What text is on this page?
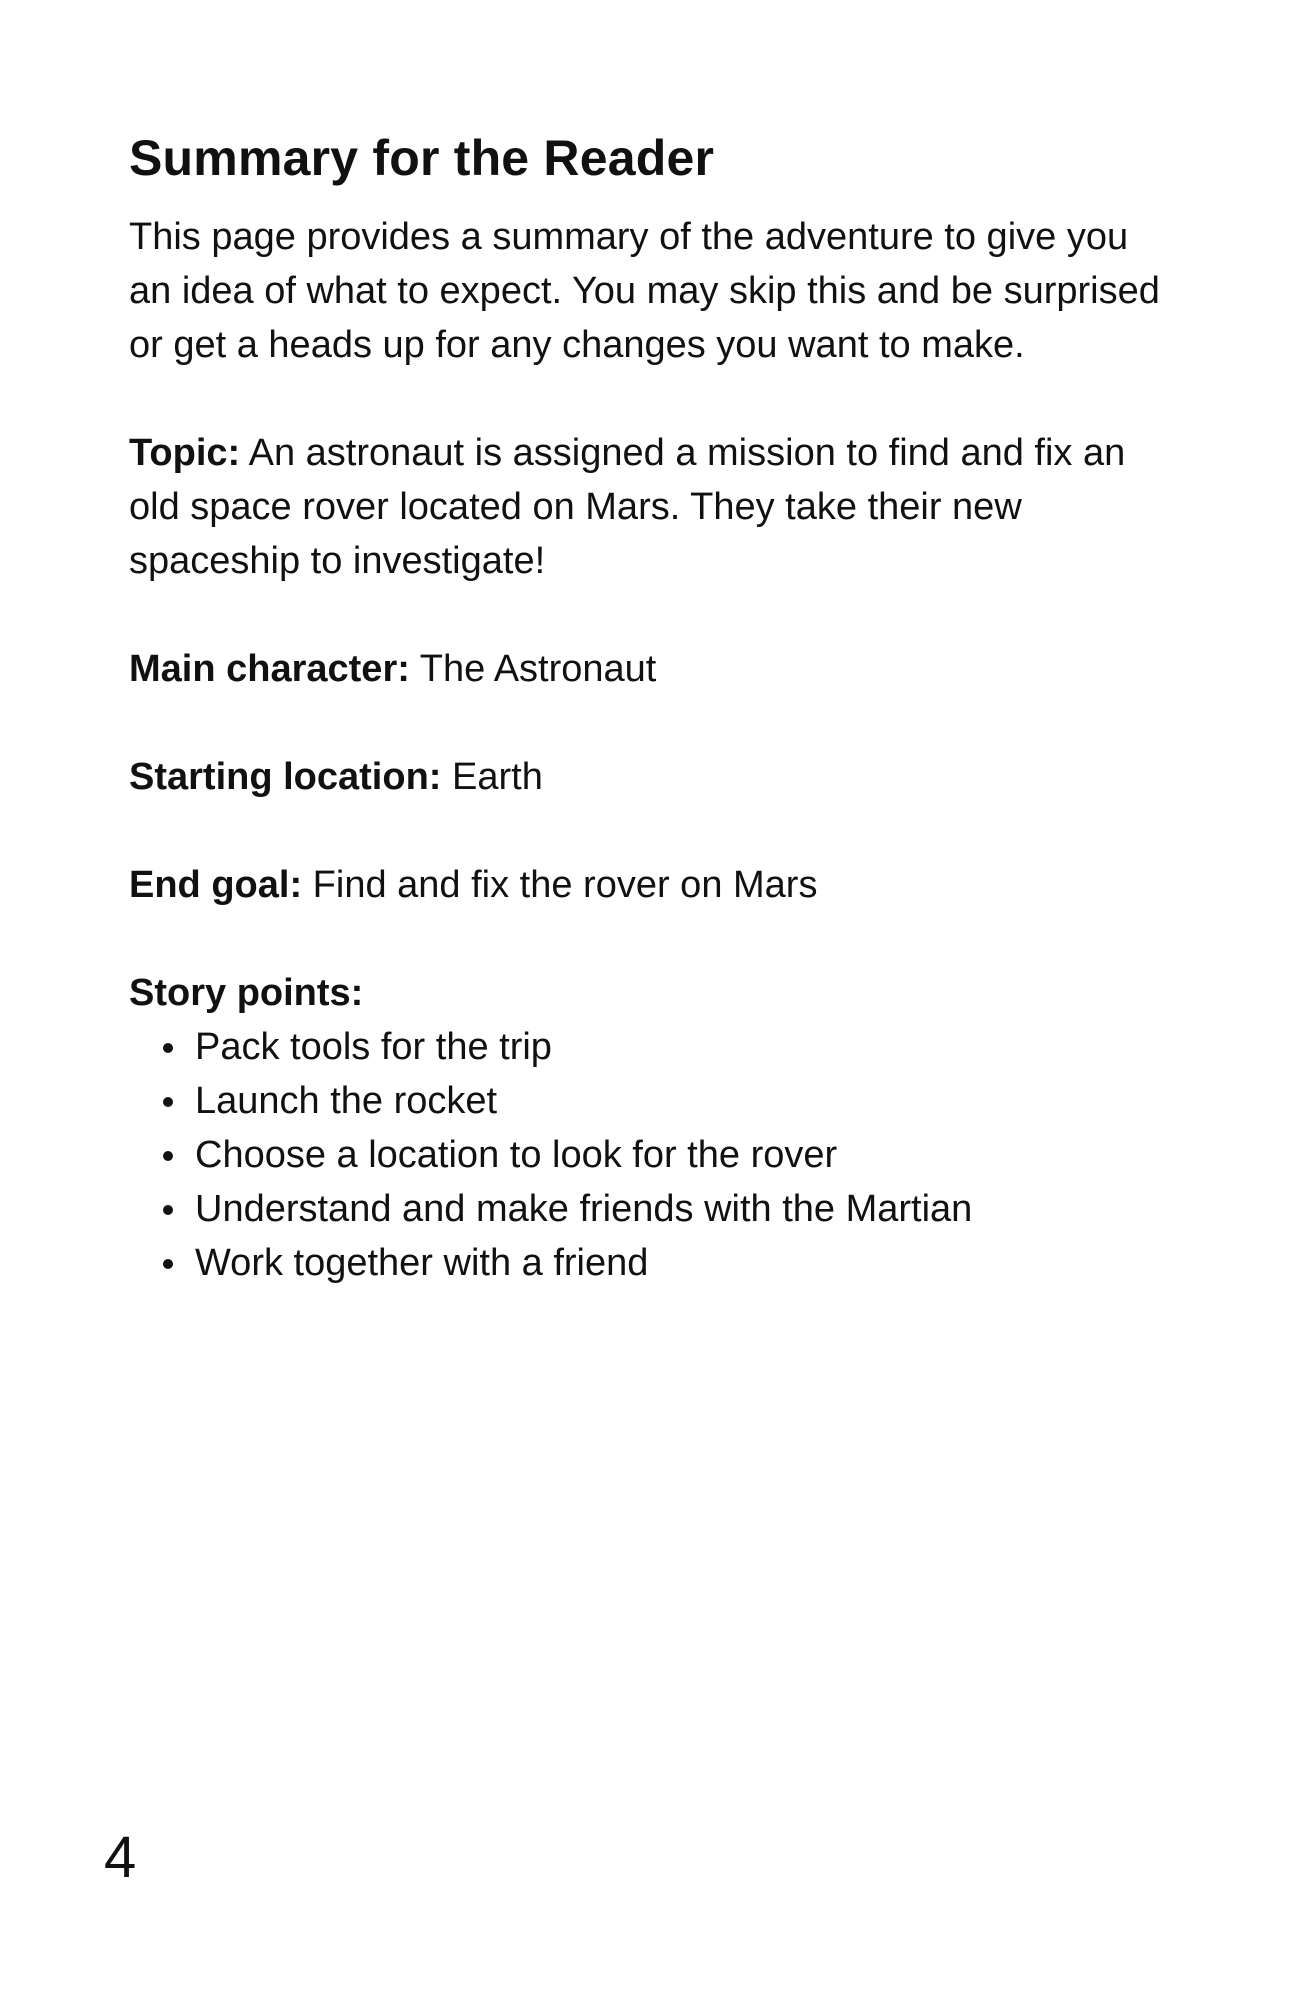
Summary for the Reader

This page provides a summary of the adventure to give you an idea of what to expect. You may skip this and be surprised or get a heads up for any changes you want to make.

Topic: An astronaut is assigned a mission to find and fix an old space rover located on Mars. They take their new spaceship to investigate!

Main character: The Astronaut

Starting location: Earth

End goal: Find and fix the rover on Mars

Story points:

Pack tools for the trip
Launch the rocket
Choose a location to look for the rover
Understand and make friends with the Martian
Work together with a friend
4
